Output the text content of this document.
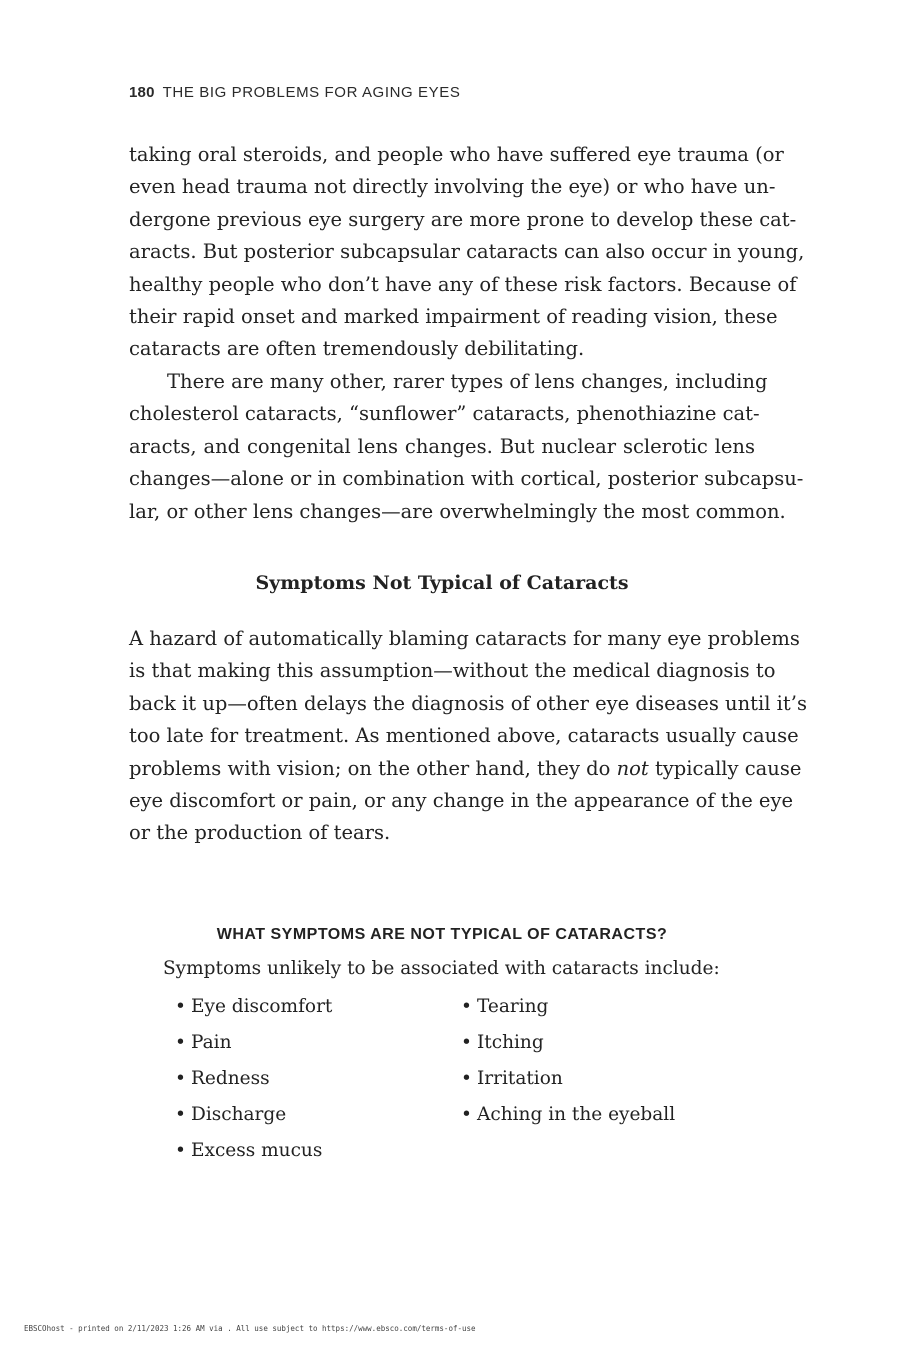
180 THE BIG PROBLEMS FOR AGING EYES
taking oral steroids, and people who have suffered eye trauma (or
even head trauma not directly involving the eye) or who have un-
dergone previous eye surgery are more prone to develop these cat-
aracts. But posterior subcapsular cataracts can also occur in young,
healthy people who don’t have any of these risk factors. Because of
their rapid onset and marked impairment of reading vision, these
cataracts are often tremendously debilitating.
There are many other, rarer types of lens changes, including
cholesterol cataracts, “sunflower” cataracts, phenothiazine cat-
aracts, and congenital lens changes. But nuclear sclerotic lens
changes—alone or in combination with cortical, posterior subcapsu-
lar, or other lens changes—are overwhelmingly the most common.
Symptoms Not Typical of Cataracts
A hazard of automatically blaming cataracts for many eye problems
is that making this assumption—without the medical diagnosis to
back it up—often delays the diagnosis of other eye diseases until it’s
too late for treatment. As mentioned above, cataracts usually cause
problems with vision; on the other hand, they do not typically cause
eye discomfort or pain, or any change in the appearance of the eye
or the production of tears.
WHAT SYMPTOMS ARE NOT TYPICAL OF CATARACTS?
Symptoms unlikely to be associated with cataracts include:
• Eye discomfort
• Pain
• Redness
• Discharge
• Excess mucus
• Tearing
• Itching
• Irritation
• Aching in the eyeball
EBSCOhost - printed on 2/11/2023 1:26 AM via . All use subject to https://www.ebsco.com/terms-of-use
